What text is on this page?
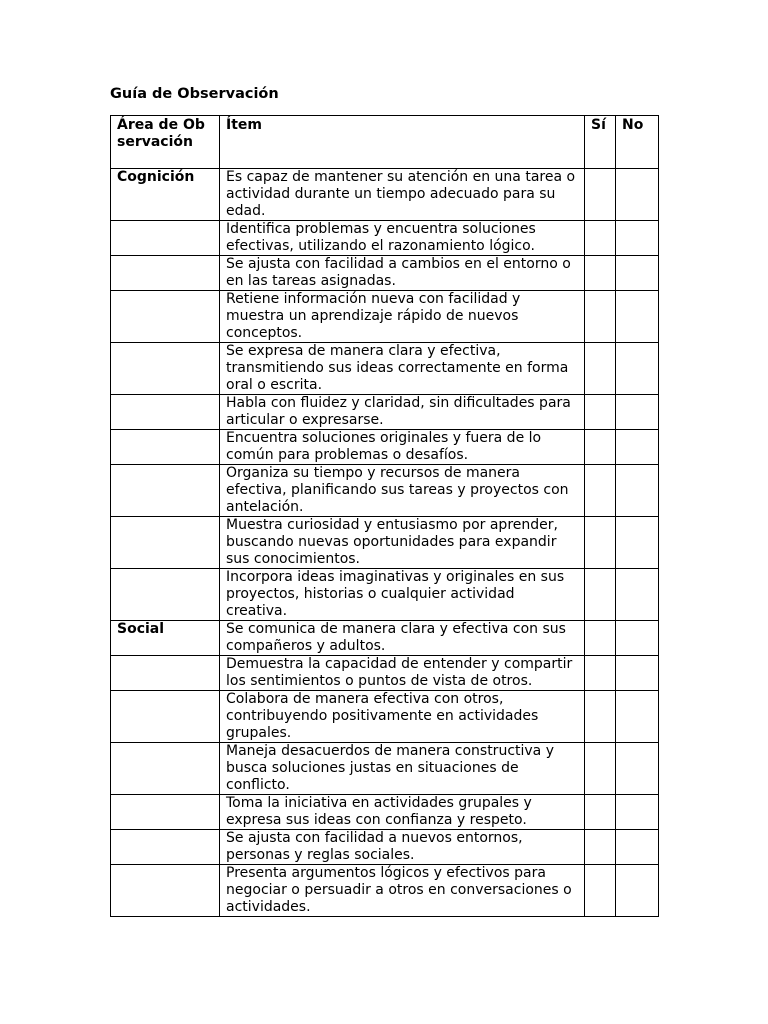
Guía de Observación
Área de Observación	Ítem	Sí	No
Cognición	Es capaz de mantener su atención en una tarea o actividad durante un tiempo adecuado para su edad.		
	Identifica problemas y encuentra soluciones efectivas, utilizando el razonamiento lógico.		
	Se ajusta con facilidad a cambios en el entorno o en las tareas asignadas.		
	Retiene información nueva con facilidad y muestra un aprendizaje rápido de nuevos conceptos.		
	Se expresa de manera clara y efectiva, transmitiendo sus ideas correctamente en forma oral o escrita.		
	Habla con fluidez y claridad, sin dificultades para articular o expresarse.		
	Encuentra soluciones originales y fuera de lo común para problemas o desafíos.		
	Organiza su tiempo y recursos de manera efectiva, planificando sus tareas y proyectos con antelación.		
	Muestra curiosidad y entusiasmo por aprender, buscando nuevas oportunidades para expandir sus conocimientos.		
	Incorpora ideas imaginativas y originales en sus proyectos, historias o cualquier actividad creativa.		
Social	Se comunica de manera clara y efectiva con sus compañeros y adultos.		
	Demuestra la capacidad de entender y compartir los sentimientos o puntos de vista de otros.		
	Colabora de manera efectiva con otros, contribuyendo positivamente en actividades grupales.		
	Maneja desacuerdos de manera constructiva y busca soluciones justas en situaciones de conflicto.		
	Toma la iniciativa en actividades grupales y expresa sus ideas con confianza y respeto.		
	Se ajusta con facilidad a nuevos entornos, personas y reglas sociales.		
	Presenta argumentos lógicos y efectivos para negociar o persuadir a otros en conversaciones o actividades.		
